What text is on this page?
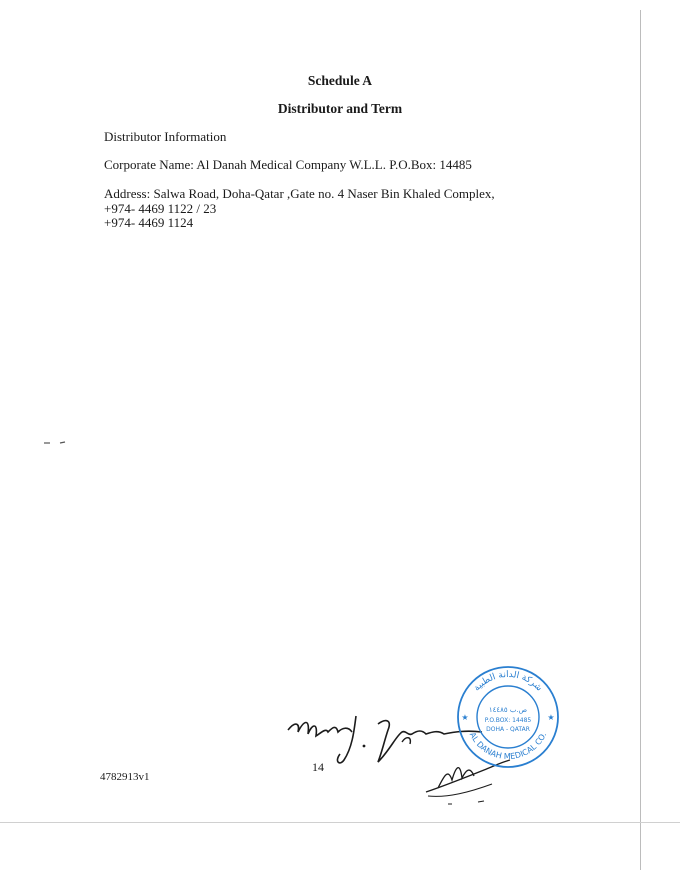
Schedule A
Distributor and Term
Distributor Information
Corporate Name: Al Danah Medical Company W.L.L. P.O.Box: 14485
Address: Salwa Road, Doha-Qatar ,Gate no. 4 Naser Bin Khaled Complex,
+974- 4469 1122 / 23
+974- 4469 1124
شركة الدانة الطبية
AL DANAH MEDICAL CO.
ص.ب ١٤٤٨٥
P.O.BOX: 14485
DOHA - QATAR
★	★
14
4782913v1
